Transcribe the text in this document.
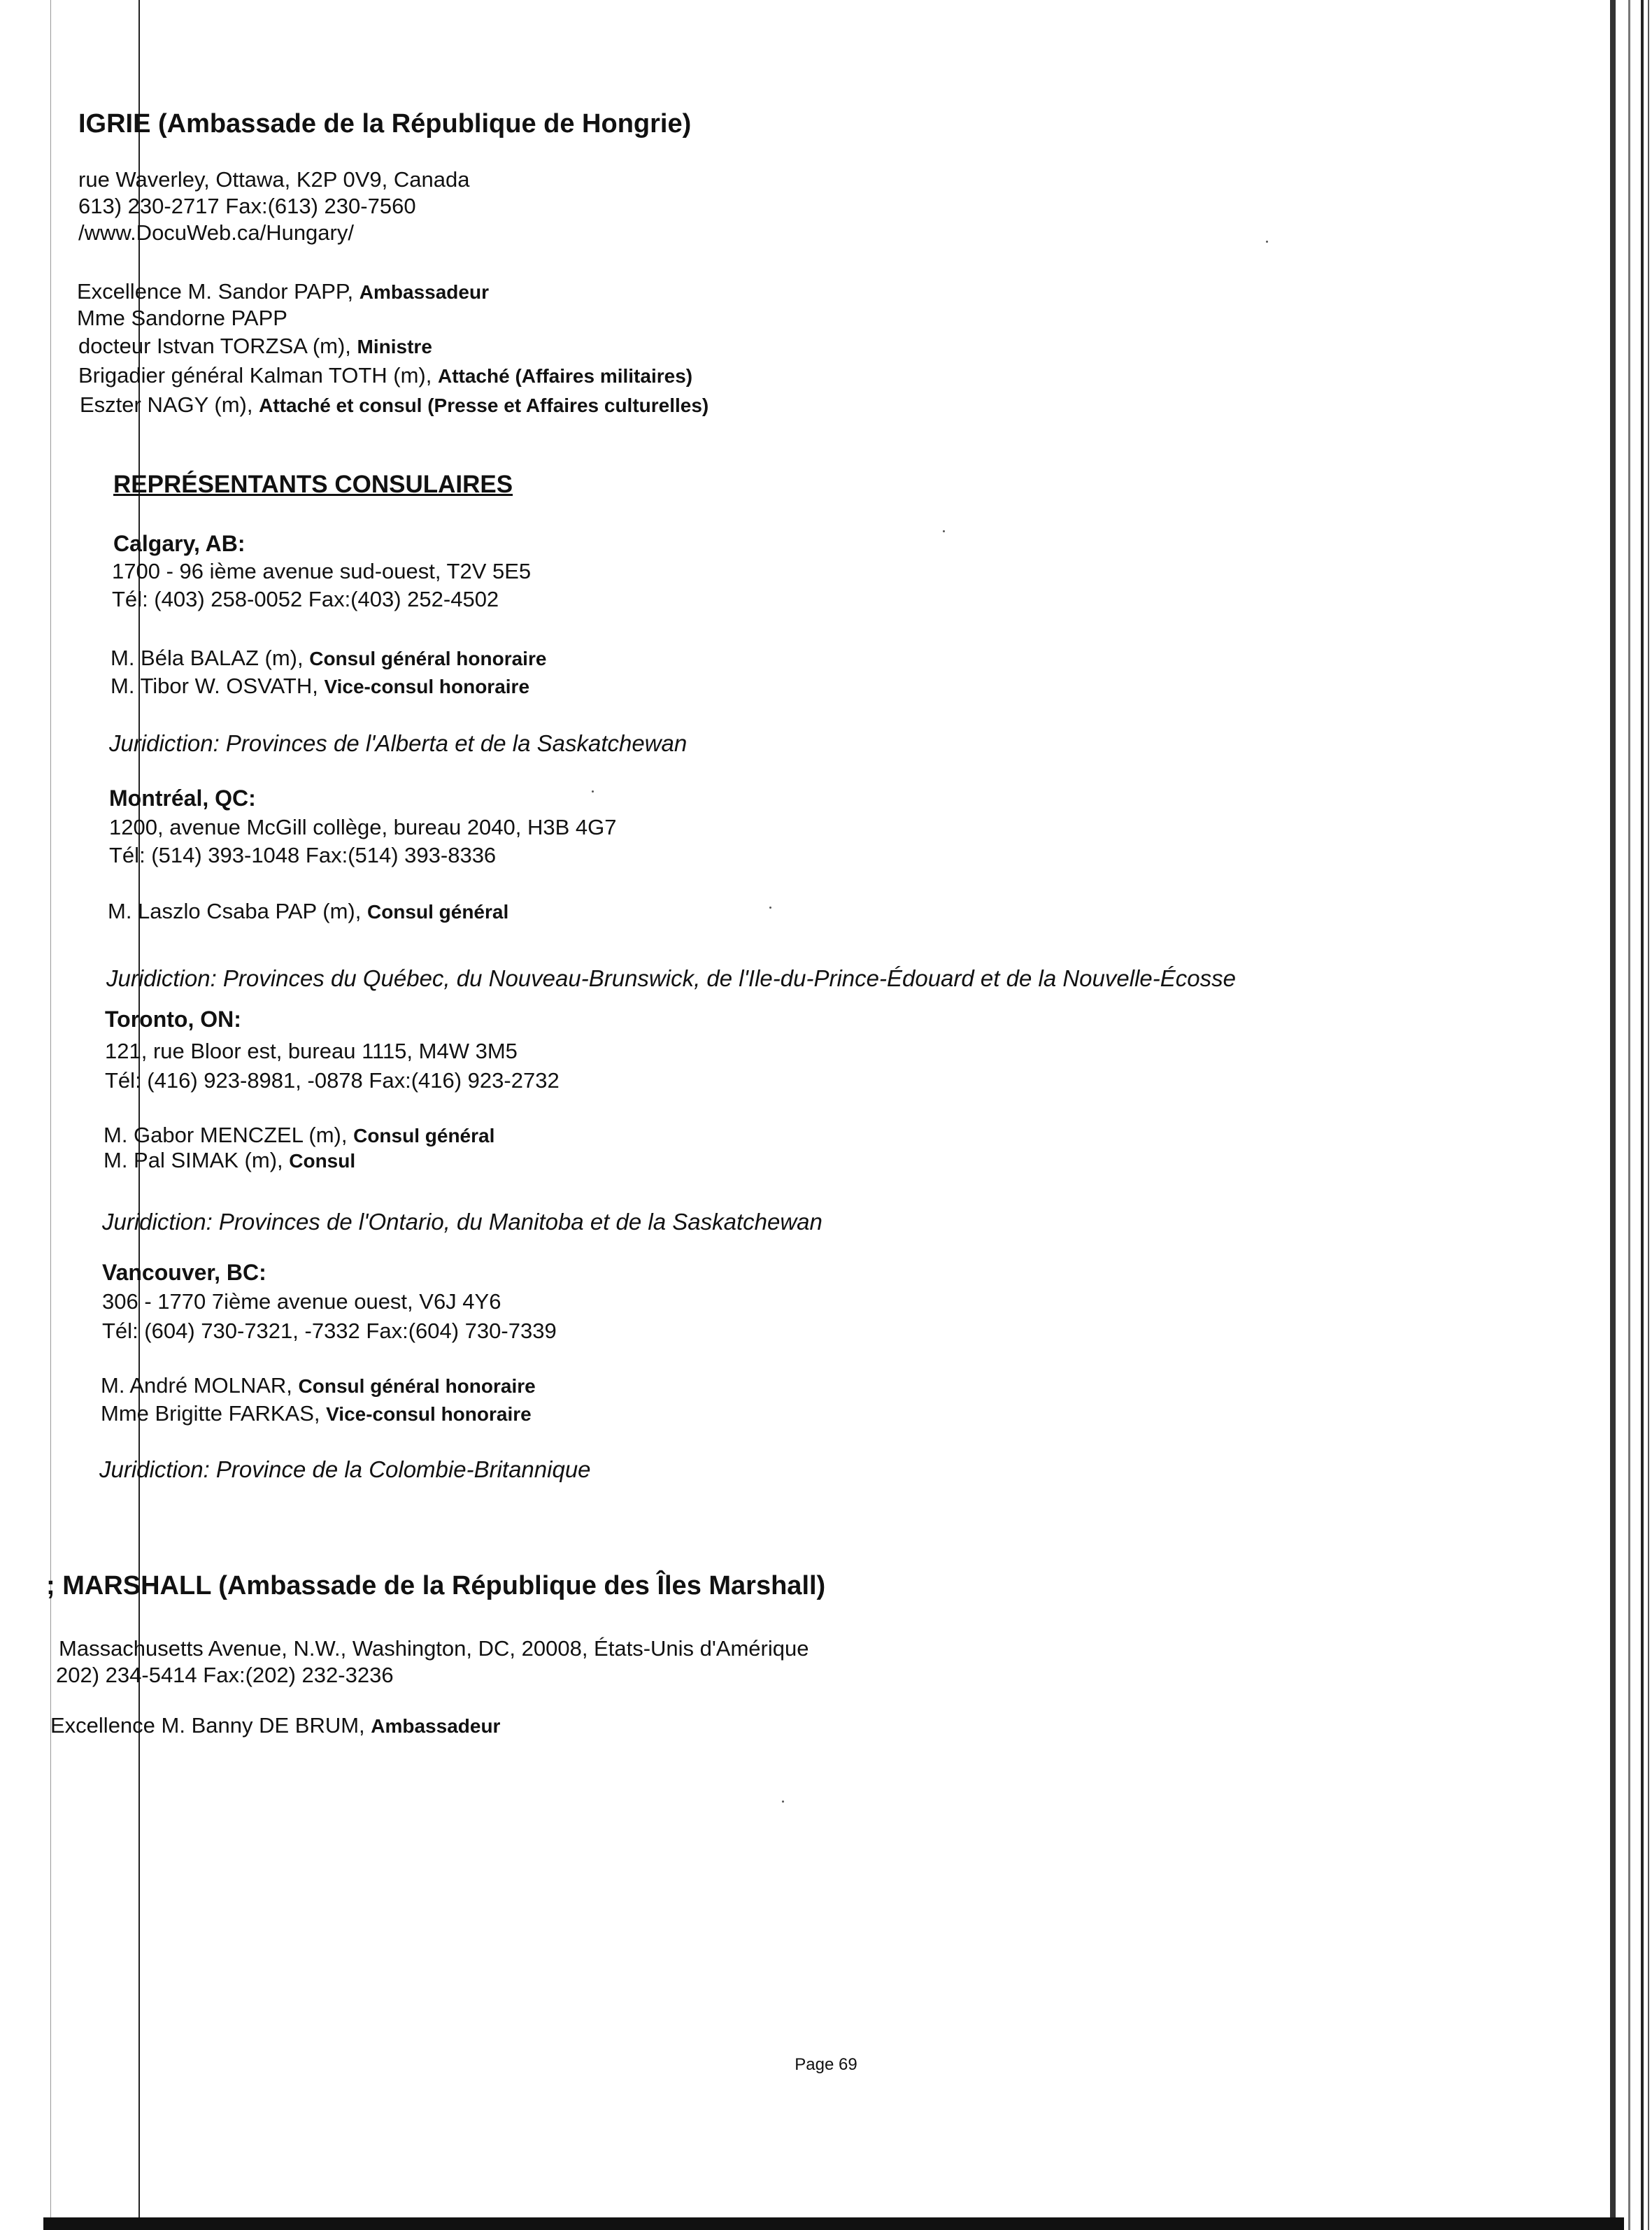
IGRIE (Ambassade de la République de Hongrie)
rue Waverley, Ottawa, K2P 0V9, Canada
613) 230-2717 Fax:(613) 230-7560
/www.DocuWeb.ca/Hungary/
Excellence M. Sandor PAPP, Ambassadeur
Mme Sandorne PAPP
docteur Istvan TORZSA (m), Ministre
Brigadier général Kalman TOTH (m), Attaché (Affaires militaires)
Eszter NAGY (m), Attaché et consul (Presse et Affaires culturelles)
REPRÉSENTANTS CONSULAIRES
Calgary, AB:
1700 - 96 ième avenue sud-ouest, T2V 5E5
Tél: (403) 258-0052 Fax:(403) 252-4502
M. Béla BALAZ (m), Consul général honoraire
M. Tibor W. OSVATH, Vice-consul honoraire
Juridiction: Provinces de l'Alberta et de la Saskatchewan
Montréal, QC:
1200, avenue McGill collège, bureau 2040, H3B 4G7
Tél: (514) 393-1048 Fax:(514) 393-8336
M. Laszlo Csaba PAP (m), Consul général
Juridiction: Provinces du Québec, du Nouveau-Brunswick, de l'Ile-du-Prince-Édouard et de la Nouvelle-Écosse
Toronto, ON:
121, rue Bloor est, bureau 1115, M4W 3M5
Tél: (416) 923-8981, -0878 Fax:(416) 923-2732
M. Gabor MENCZEL (m), Consul général
M. Pal SIMAK (m), Consul
Juridiction: Provinces de l'Ontario, du Manitoba et de la Saskatchewan
Vancouver, BC:
306 - 1770 7ième avenue ouest, V6J 4Y6
Tél: (604) 730-7321, -7332 Fax:(604) 730-7339
M. André MOLNAR, Consul général honoraire
Mme Brigitte FARKAS, Vice-consul honoraire
Juridiction: Province de la Colombie-Britannique
; MARSHALL (Ambassade de la République des Îles Marshall)
Massachusetts Avenue, N.W., Washington, DC, 20008, États-Unis d'Amérique
202) 234-5414 Fax:(202) 232-3236
Excellence M. Banny DE BRUM, Ambassadeur
Page 69
